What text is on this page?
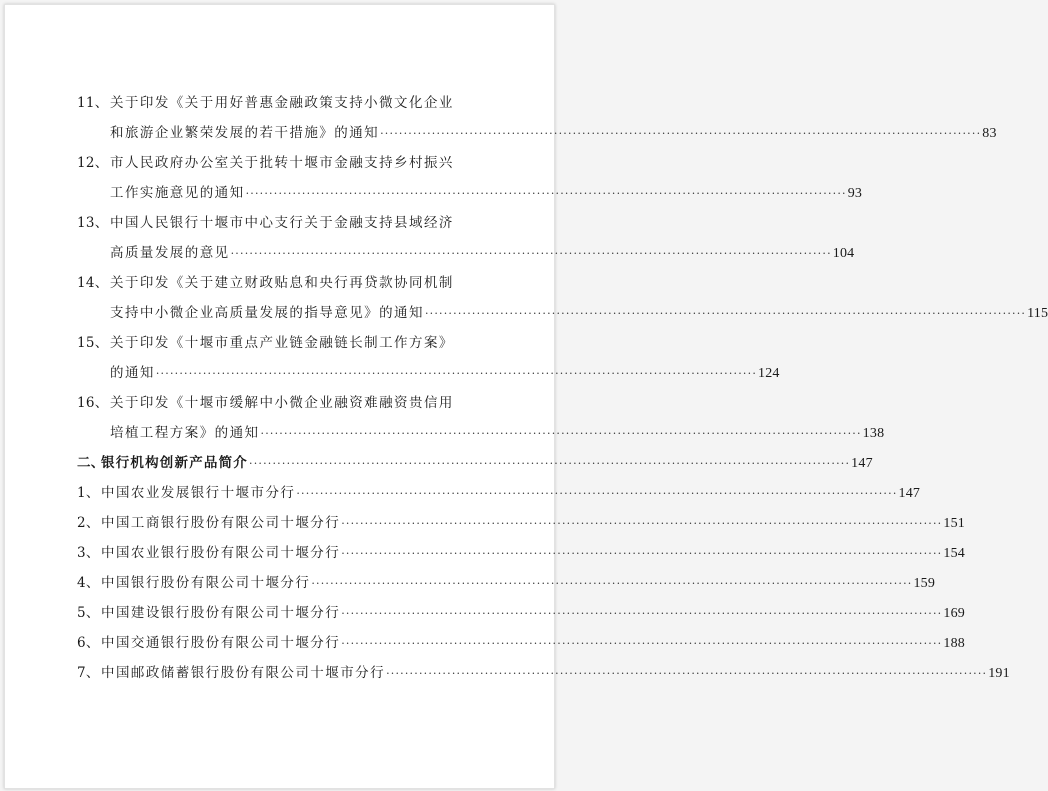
11、 关于印发《关于用好普惠金融政策支持小微文化企业
和旅游企业繁荣发展的若干措施》的通知 ·····	83
12、 市人民政府办公室关于批转十堰市金融支持乡村振兴
工作实施意见的通知 ·····	93
13、 中国人民银行十堰市中心支行关于金融支持县域经济
高质量发展的意见 ·····	104
14、 关于印发《关于建立财政贴息和央行再贷款协同机制
支持中小微企业高质量发展的指导意见》的通知 ·····	115
15、 关于印发《十堰市重点产业链金融链长制工作方案》
的通知 ·····	124
16、 关于印发《十堰市缓解中小微企业融资难融资贵信用
培植工程方案》的通知 ·····	138
二、
银行机构创新产品简介 ·····	147
1、 中国农业发展银行十堰市分行 ·····	147
2、 中国工商银行股份有限公司十堰分行 ·····	151
3、 中国农业银行股份有限公司十堰分行 ·····	154
4、 中国银行股份有限公司十堰分行 ·····	159
5、 中国建设银行股份有限公司十堰分行 ·····	169
6、 中国交通银行股份有限公司十堰分行 ·····	188
7、 中国邮政储蓄银行股份有限公司十堰市分行 ·····	191
